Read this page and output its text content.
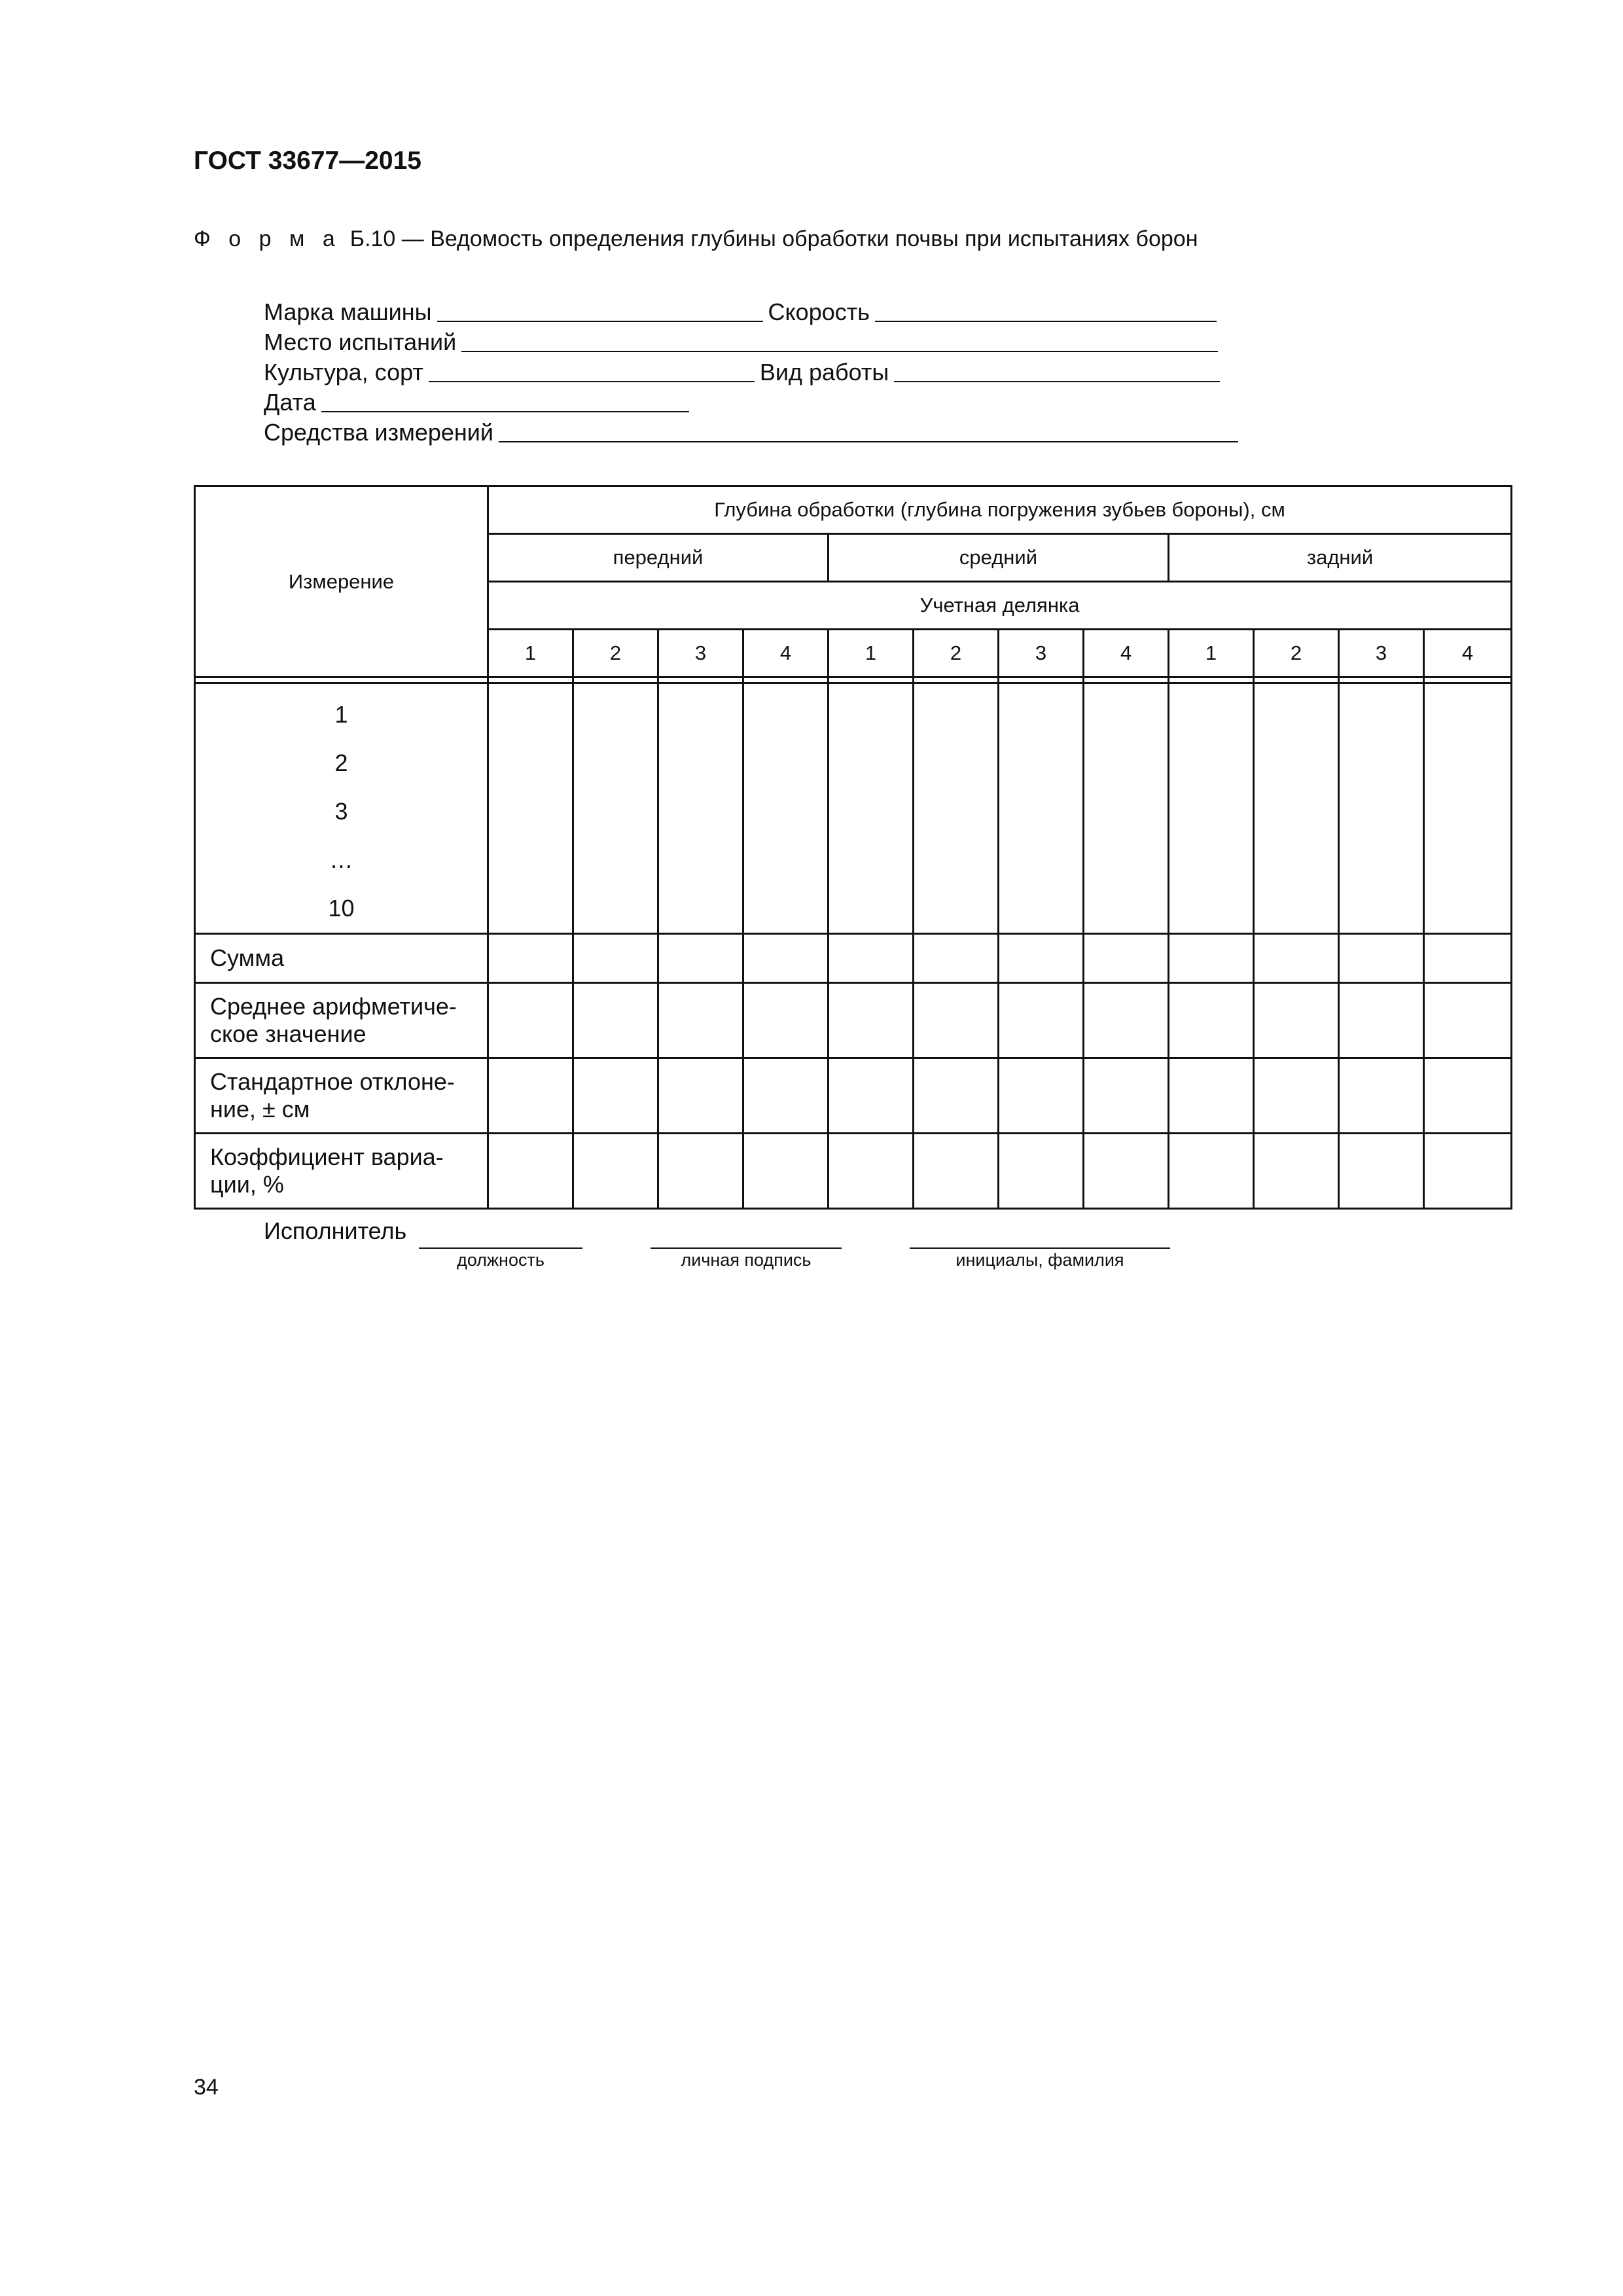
ГОСТ 33677—2015
Ф о р м а Б.10 — Ведомость определения глубины обработки почвы при испытаниях борон
Марка машины	Скорость
Место испытаний
Культура, сорт	Вид работы
Дата
Средства измерений
Измерение	Глубина обработки (глубина погружения зубьев бороны), см											
	передний				средний				задний			
	Учетная делянка											
	1	2	3	4	1	2	3	4	1	2	3	4

1
2
3
…
10												

Сумма												
Среднее арифметиче-
ское значение												
Стандартное отклоне-
ние, ± см												
Коэффициент вариа-
ции, %												
Исполнитель
должность	личная подпись	инициалы, фамилия
34
